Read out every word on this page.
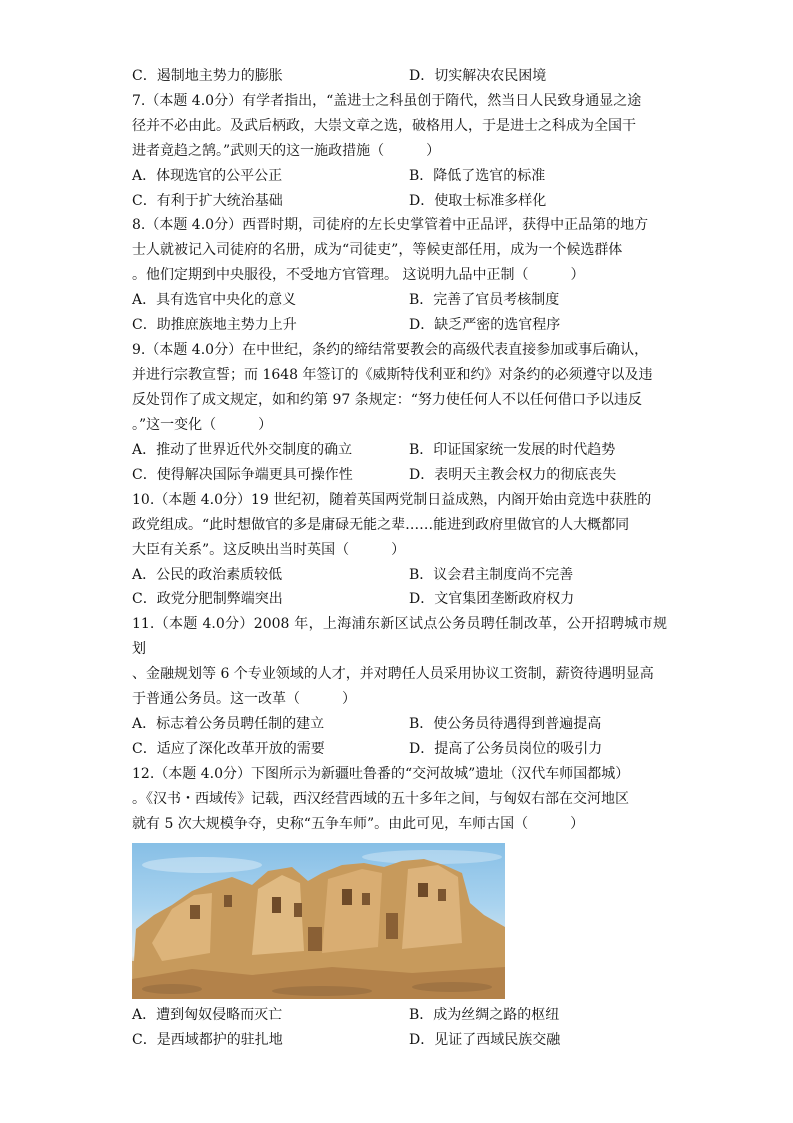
C．遏制地主势力的膨胀	D．切实解决农民困境
7.（本题 4.0分）有学者指出，“盖进士之科虽创于隋代，然当日人民致身通显之途
径并不必由此。及武后柄政，大崇文章之选，破格用人，于是进士之科成为全国干
进者竟趋之鹄。”武则天的这一施政措施（　　　）
A．体现选官的公平公正	B．降低了选官的标准
C．有利于扩大统治基础	D．使取士标准多样化
8.（本题 4.0分）西晋时期，司徒府的左长史掌管着中正品评，获得中正品第的地方
士人就被记入司徒府的名册，成为“司徒吏”，等候吏部任用，成为一个候选群体
。他们定期到中央服役，不受地方官管理。 这说明九品中正制（　　　）
A．具有选官中央化的意义	B．完善了官员考核制度
C．助推庶族地主势力上升	D．缺乏严密的选官程序
9.（本题 4.0分）在中世纪，条约的缔结常要教会的高级代表直接参加或事后确认，
并进行宗教宣誓；而 1648 年签订的《威斯特伐利亚和约》对条约的必须遵守以及违
反处罚作了成文规定，如和约第 97 条规定：“努力使任何人不以任何借口予以违反
。”这一变化（　　　）
A．推动了世界近代外交制度的确立	B．印证国家统一发展的时代趋势
C．使得解决国际争端更具可操作性	D．表明天主教会权力的彻底丧失
10.（本题 4.0分）19 世纪初，随着英国两党制日益成熟，内阁开始由竞选中获胜的
政党组成。“此时想做官的多是庸碌无能之辈……能进到政府里做官的人大概都同
大臣有关系”。这反映出当时英国（　　　）
A．公民的政治素质较低	B．议会君主制度尚不完善
C．政党分肥制弊端突出	D．文官集团垄断政府权力
11.（本题 4.0分）2008 年，上海浦东新区试点公务员聘任制改革，公开招聘城市规划
、金融规划等 6 个专业领域的人才，并对聘任人员采用协议工资制，薪资待遇明显高
于普通公务员。这一改革（　　　）
A．标志着公务员聘任制的建立	B．使公务员待遇得到普遍提高
C．适应了深化改革开放的需要	D．提高了公务员岗位的吸引力
12.（本题 4.0分）下图所示为新疆吐鲁番的“交河故城”遗址（汉代车师国都城）
。《汉书・西域传》记载，西汉经营西域的五十多年之间，与匈奴右部在交河地区
就有 5 次大规模争夺，史称“五争车师”。由此可见，车师古国（　　　）
A．遭到匈奴侵略而灭亡	B．成为丝绸之路的枢纽
C．是西域都护的驻扎地	D．见证了西域民族交融
